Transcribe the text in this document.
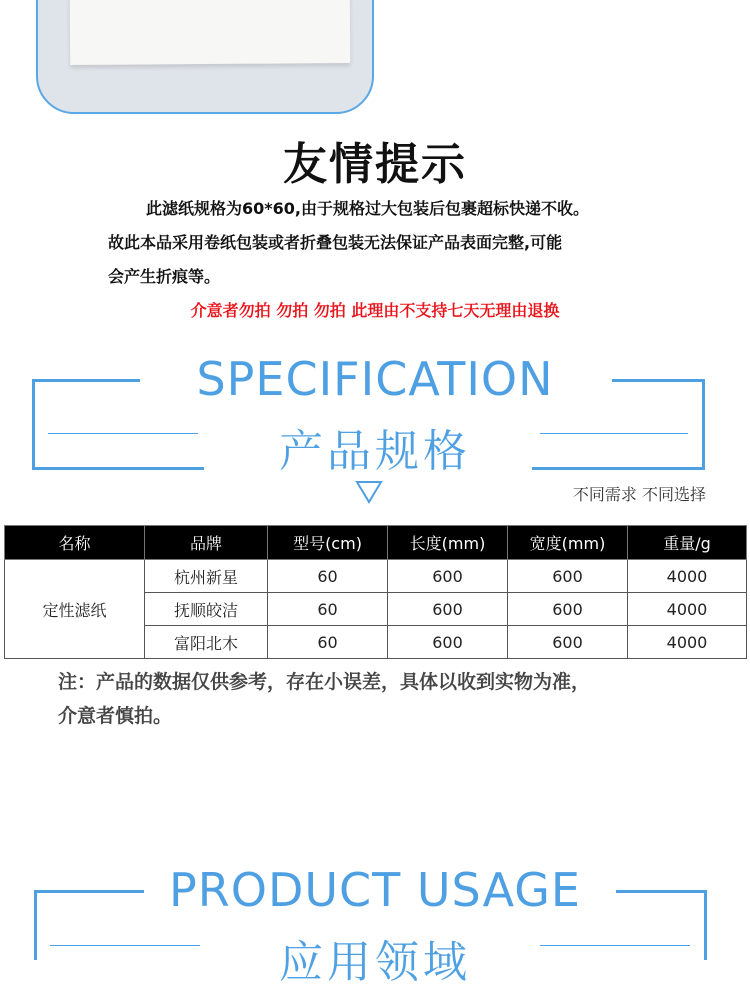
友情提示
此滤纸规格为60*60,由于规格过大包装后包裹超标快递不收。
故此本品采用卷纸包装或者折叠包装无法保证产品表面完整,可能
会产生折痕等。
介意者勿拍 勿拍 勿拍 此理由不支持七天无理由退换
SPECIFICATION
产品规格
不同需求 不同选择
名称	品牌	型号(cm)	长度(mm)	宽度(mm)	重量/g
定性滤纸	杭州新星	60	600	600	4000
	抚顺皎洁	60	600	600	4000
	富阳北木	60	600	600	4000
注：产品的数据仅供参考，存在小误差，具体以收到实物为准，
介意者慎拍。
PRODUCT USAGE
应用领域
